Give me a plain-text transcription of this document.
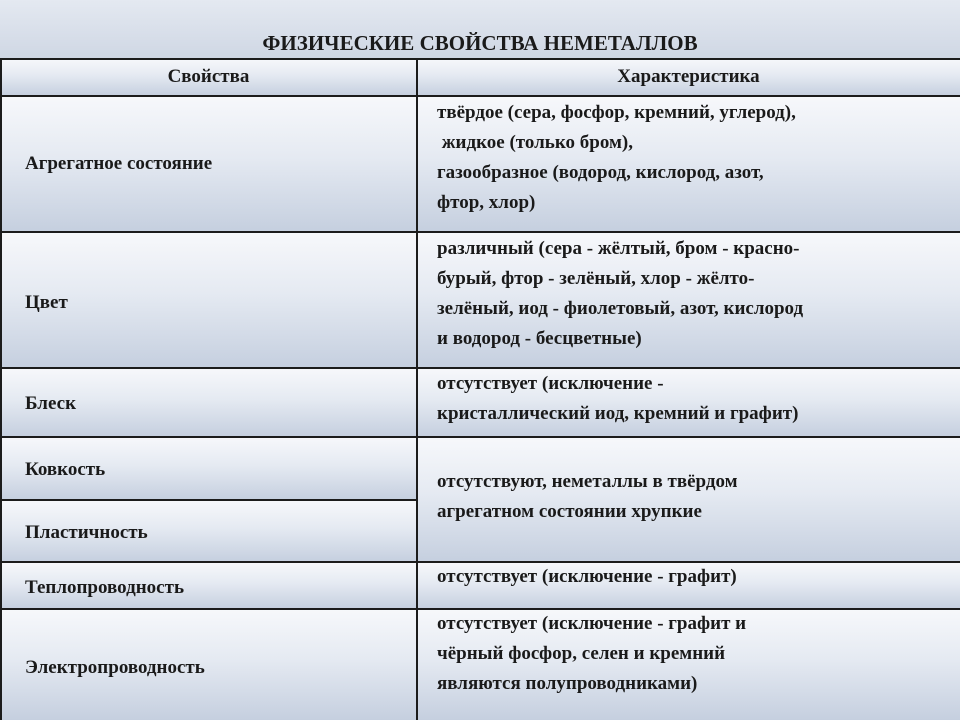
ФИЗИЧЕСКИЕ СВОЙСТВА НЕМЕТАЛЛОВ
Свойства	Характеристика
Агрегатное состояние
твёрдое (сера, фосфор, кремний, углерод),
жидкое (только бром),
газообразное (водород, кислород, азот,
фтор, хлор)
Цвет
различный (сера - жёлтый, бром - красно-
бурый, фтор - зелёный, хлор - жёлто-
зелёный, иод - фиолетовый, азот, кислород
и водород - бесцветные)
Блеск
отсутствует (исключение -
кристаллический иод, кремний и графит)
Ковкость
Пластичность
отсутствуют, неметаллы в твёрдом
агрегатном состоянии хрупкие
Теплопроводность
отсутствует (исключение - графит)
Электропроводность
отсутствует (исключение - графит и
чёрный фосфор, селен и кремний
являются полупроводниками)
